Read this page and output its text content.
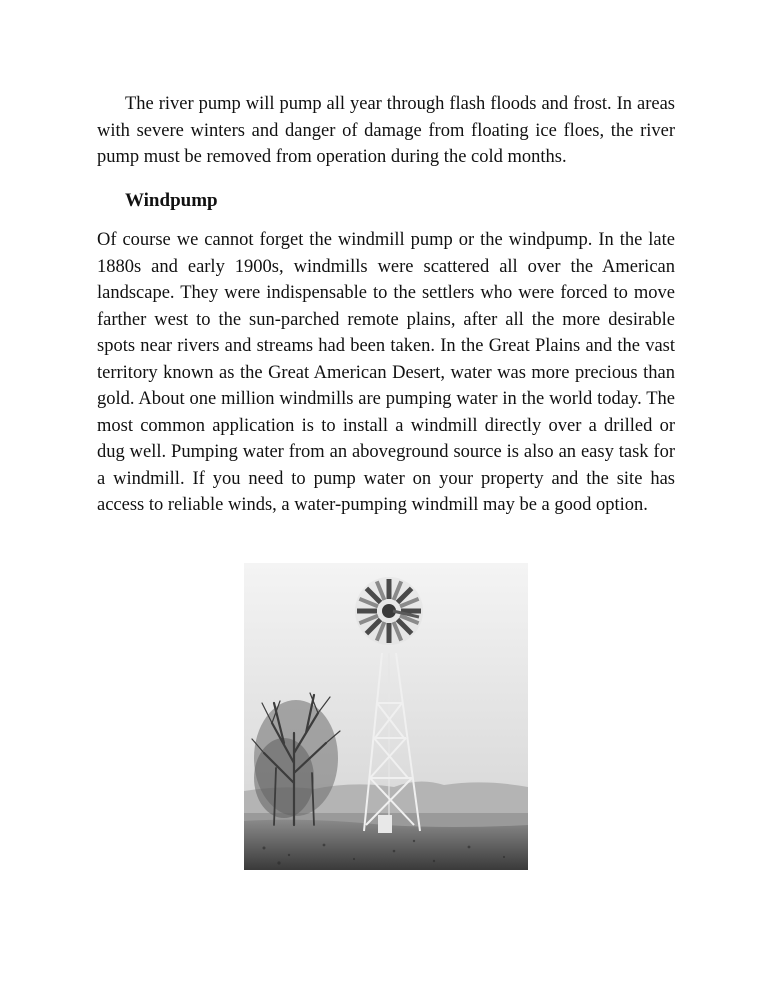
The river pump will pump all year through flash floods and frost. In areas with severe winters and danger of damage from floating ice floes, the river pump must be removed from operation during the cold months.

Windpump

Of course we cannot forget the windmill pump or the windpump. In the late 1880s and early 1900s, windmills were scattered all over the American landscape. They were indispensable to the settlers who were forced to move farther west to the sun-parched remote plains, after all the more desirable spots near rivers and streams had been taken. In the Great Plains and the vast territory known as the Great American Desert, water was more precious than gold. About one million windmills are pumping water in the world today. The most common application is to install a windmill directly over a drilled or dug well. Pumping water from an aboveground source is also an easy task for a windmill. If you need to pump water on your property and the site has access to reliable winds, a water-pumping windmill may be a good option.
